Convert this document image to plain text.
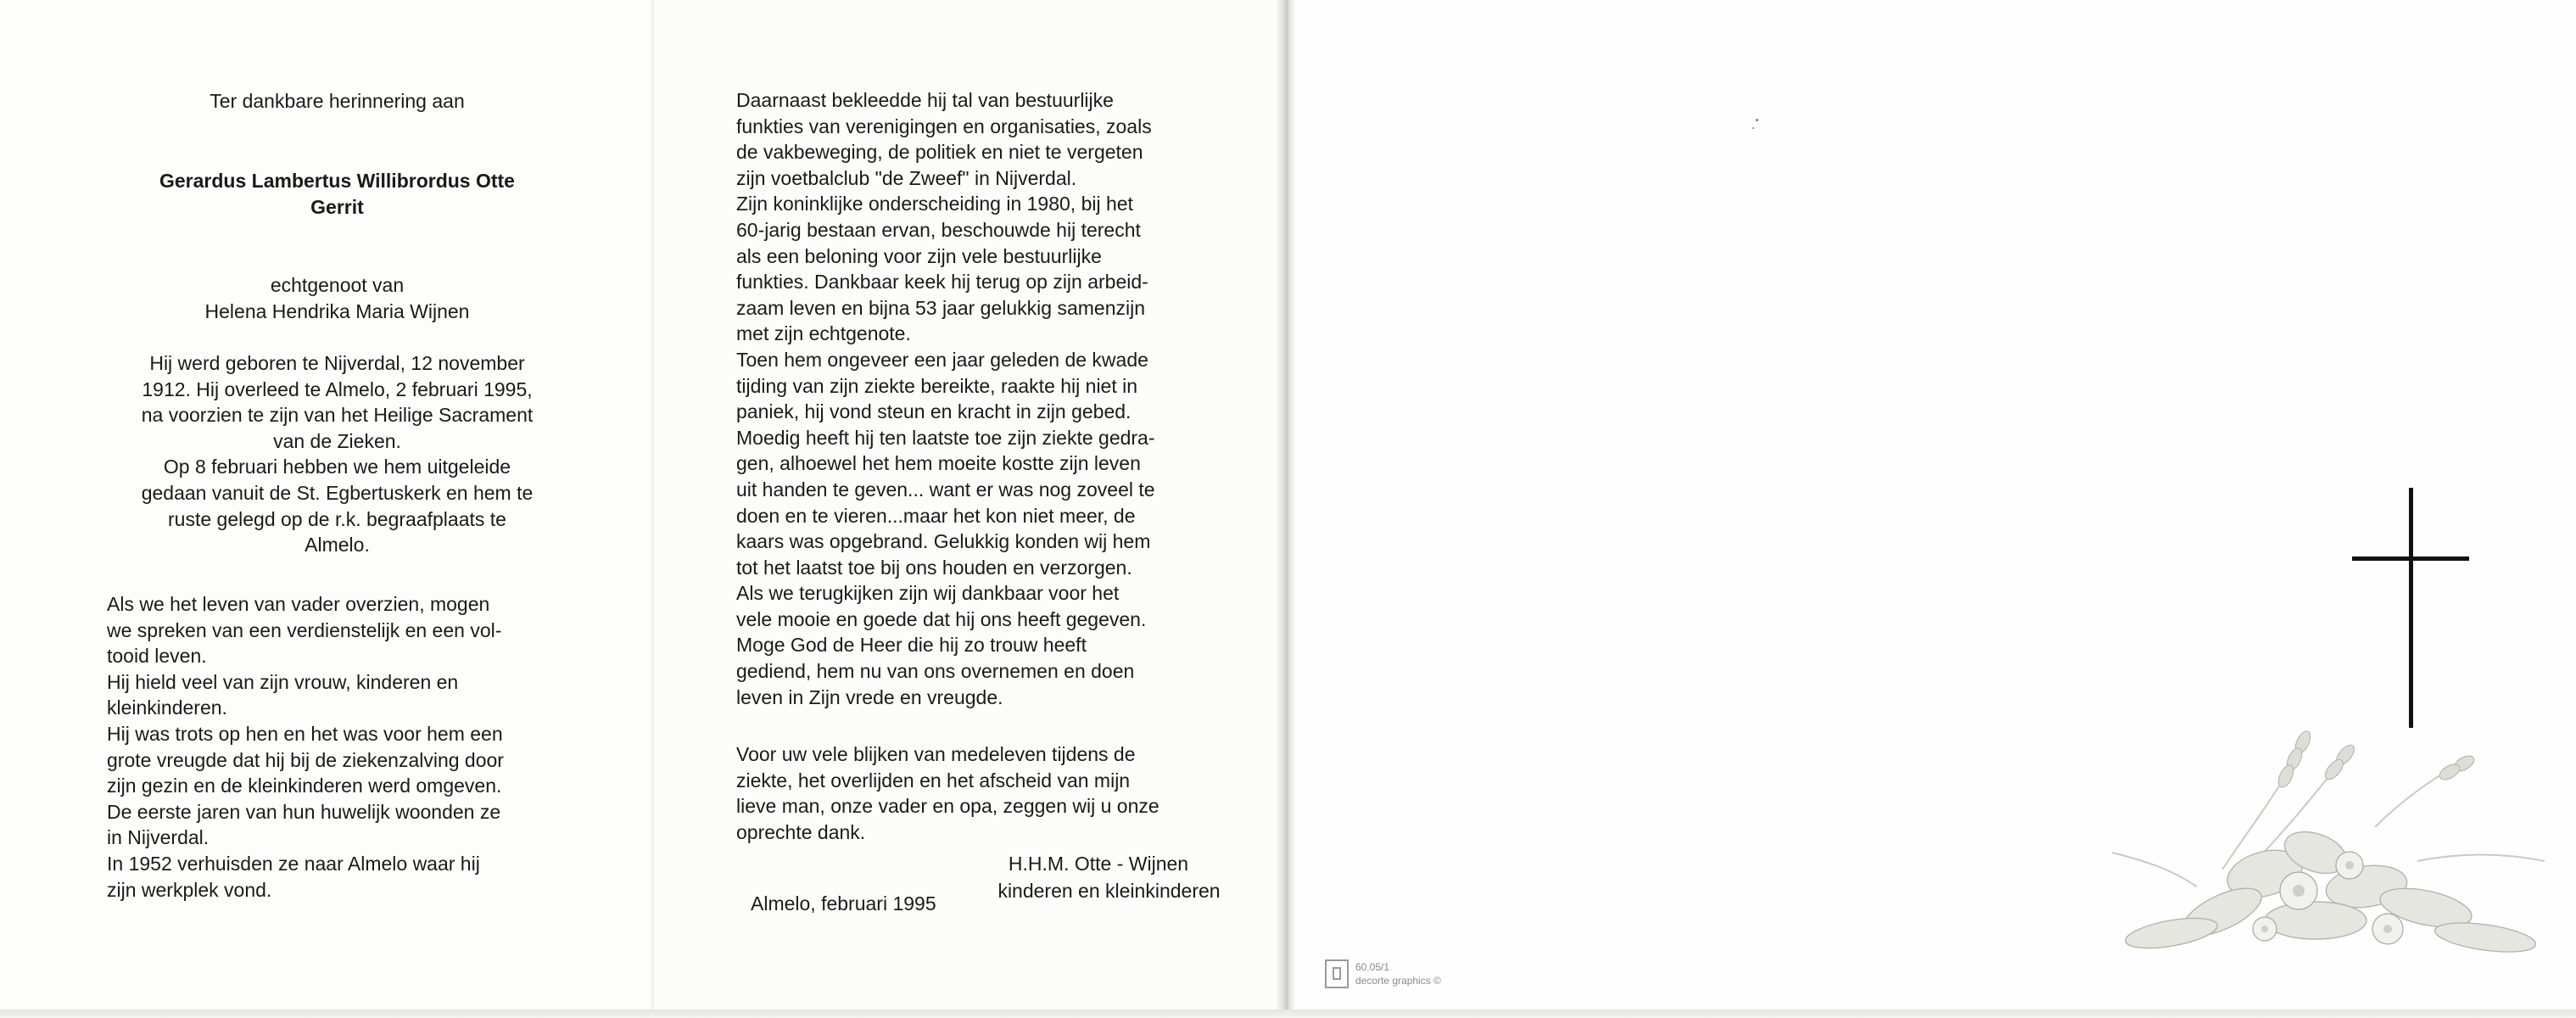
Ter dankbare herinnering aan
Gerardus Lambertus Willibrordus Otte
Gerrit
echtgenoot van
Helena Hendrika Maria Wijnen
Hij werd geboren te Nijverdal, 12 november
1912. Hij overleed te Almelo, 2 februari 1995,
na voorzien te zijn van het Heilige Sacrament
van de Zieken.
Op 8 februari hebben we hem uitgeleide
gedaan vanuit de St. Egbertuskerk en hem te
ruste gelegd op de r.k. begraafplaats te
Almelo.
Als we het leven van vader overzien, mogen
we spreken van een verdienstelijk en een vol-
tooid leven.
Hij hield veel van zijn vrouw, kinderen en
kleinkinderen.
Hij was trots op hen en het was voor hem een
grote vreugde dat hij bij de ziekenzalving door
zijn gezin en de kleinkinderen werd omgeven.
De eerste jaren van hun huwelijk woonden ze
in Nijverdal.
In 1952 verhuisden ze naar Almelo waar hij
zijn werkplek vond.
Daarnaast bekleedde hij tal van bestuurlijke
funkties van verenigingen en organisaties, zoals
de vakbeweging, de politiek en niet te vergeten
zijn voetbalclub "de Zweef" in Nijverdal.
Zijn koninklijke onderscheiding in 1980, bij het
60-jarig bestaan ervan, beschouwde hij terecht
als een beloning voor zijn vele bestuurlijke
funkties. Dankbaar keek hij terug op zijn arbeid-
zaam leven en bijna 53 jaar gelukkig samenzijn
met zijn echtgenote.
Toen hem ongeveer een jaar geleden de kwade
tijding van zijn ziekte bereikte, raakte hij niet in
paniek, hij vond steun en kracht in zijn gebed.
Moedig heeft hij ten laatste toe zijn ziekte gedra-
gen, alhoewel het hem moeite kostte zijn leven
uit handen te geven... want er was nog zoveel te
doen en te vieren...maar het kon niet meer, de
kaars was opgebrand. Gelukkig konden wij hem
tot het laatst toe bij ons houden en verzorgen.
Als we terugkijken zijn wij dankbaar voor het
vele mooie en goede dat hij ons heeft gegeven.
Moge God de Heer die hij zo trouw heeft
gediend, hem nu van ons overnemen en doen
leven in Zijn vrede en vreugde.
Voor uw vele blijken van medeleven tijdens de
ziekte, het overlijden en het afscheid van mijn
lieve man, onze vader en opa, zeggen wij u onze
oprechte dank.
H.H.M. Otte - Wijnen
Almelo, februari 1995
kinderen en kleinkinderen
60.05/1
decorte graphics ©
